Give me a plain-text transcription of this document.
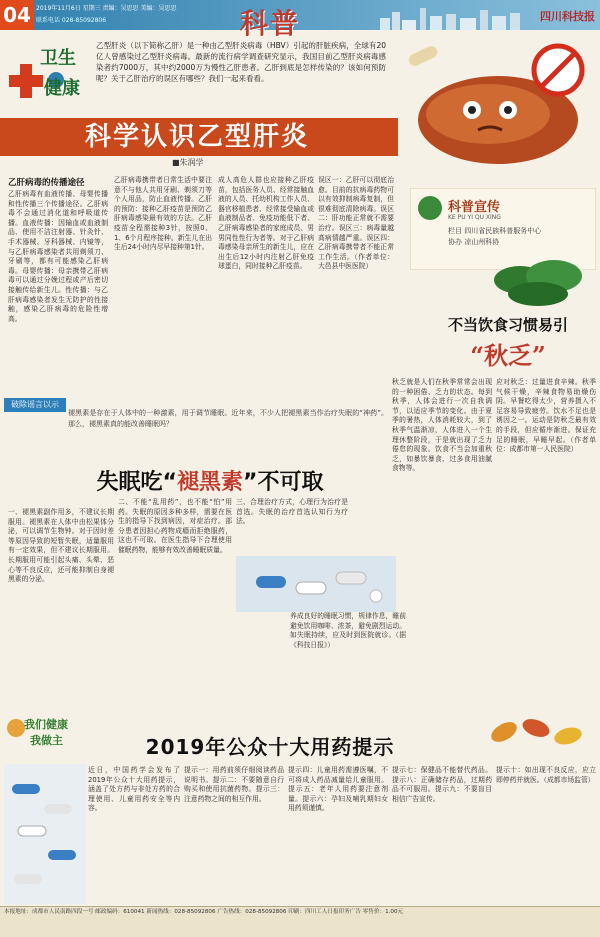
04 2019年11月6日 星期三 责编：吴思思 美编：吴思思
联系电话 028-85092806	科普	四川科技报
卫生
健康
乙型肝炎（以下简称乙肝）是一种由乙型肝炎病毒（HBV）引起的肝脏疾病，全球有20亿人曾感染过乙型肝炎病毒。最新的流行病学调查研究显示，我国目前乙型肝炎病毒感染者约7000万，其中约2000万为慢性乙肝患者。乙肝到底是怎样传染的？该如何预防呢？关于乙肝治疗的误区有哪些？我们一起来看看。
科学认识乙型肝炎
■朱润学
乙肝病毒的传播途径
乙肝病毒有血液传播、母婴传播和性传播三个传播途径。乙肝病毒不会通过消化道和呼吸道传播。血液传播：因输血或血液制品、使用不洁注射器、针灸针、手术器械、牙科器械、内镜等，与乙肝病毒感染者共用剃须刀、牙刷等，都有可能感染乙肝病毒。母婴传播：母亲携带乙肝病毒可以通过分娩过程或产后密切接触传给新生儿。性传播：与乙肝病毒感染者发生无防护的性接触，感染乙肝病毒的危险性增高。
乙肝病毒携带者日常生活中要注意不与他人共用牙刷、剃须刀等个人用品，防止血液传播。乙肝的预防：接种乙肝疫苗是预防乙肝病毒感染最有效的方法。乙肝疫苗全程需接种3针，按照0、1、6个月程序接种。新生儿在出生后24小时内尽早接种第1针。
成人高危人群也应接种乙肝疫苗，包括医务人员、经常接触血液的人员、托幼机构工作人员、器官移植患者、经常接受输血或血液制品者、免疫功能低下者、乙肝病毒感染者的家庭成员、男男同性性行为者等。对于乙肝病毒感染母亲所生的新生儿，应在出生后12小时内注射乙肝免疫球蛋白，同时接种乙肝疫苗。
误区一：乙肝可以彻底治愈。目前的抗病毒药物可以有效抑制病毒复制，但很难彻底清除病毒。误区二：肝功能正常就不需要治疗。误区三：病毒量越高病情越严重。误区四：乙肝病毒携带者不能正常工作生活。（作者单位：大邑县中医医院）
科普宣传
KE PU YI QU XING
栏目 四川省民族科普服务中心
协办 凉山州科协
不当饮食习惯易引
“秋乏”
破除谣言以示
褪黑素是存在于人体中的一种激素，用于调节睡眠。近年来，不少人把褪黑素当作治疗失眠的“神药”。那么，褪黑素真的能改善睡眠吗？
失眠吃“褪黑素”不可取
一、褪黑素副作用多，不建议长期服用。褪黑素在人体中由松果体分泌，可以调节生物钟。对于因时差等原因导致的短暂失眠，适量服用有一定效果，但不建议长期服用。长期服用可能引起头痛、头晕、恶心等不良反应，还可能抑制自身褪黑素的分泌。
二、不能“乱用药”，也不能“怕”用药。失眠的原因多种多样，需要在医生的指导下找到病因，对症治疗。部分患者因担心药物成瘾而拒绝服药，这也不可取。在医生指导下合理使用催眠药物，能够有效改善睡眠质量。
三、合理治疗方式，心理行为治疗是首选。失眠的治疗首选认知行为疗法。
养成良好的睡眠习惯，规律作息，睡前避免饮用咖啡、浓茶，避免剧烈运动。如失眠持续，应及时到医院就诊。（据《科技日报》）
秋乏就是人们在秋季常常会出现的一种困倦、乏力的状态。每到秋季，人体会进行一次自我调节，以适应季节的变化。由于夏季的暑热，人体消耗较大，到了秋季气温渐凉，人体进入一个生理休整阶段，于是就出现了乏力倦怠的现象。饮食不当会加重秋乏，如暴饮暴食、过多食用油腻食物等。
应对秋乏：过量进食辛辣。秋季气候干燥，辛辣食物易助燥伤阴。早餐吃得太少，营养摄入不足容易导致疲劳。饮水不足也是诱因之一。运动是防秋乏最有效的手段，但应循序渐进。保证充足的睡眠，早睡早起。（作者单位：成都市第一人民医院）
我们健康
我做主	2019年公众十大用药提示
近日，中国药学会发布了2019年公众十大用药提示，涵盖了处方药与非处方药的合理使用、儿童用药安全等内容。
提示一：用药前须仔细阅读药品说明书。提示二：不要随意自行购买和使用抗菌药物。提示三：注意药物之间的相互作用。
提示四：儿童用药需遵医嘱，不可将成人药品减量给儿童服用。提示五：老年人用药要注意剂量。提示六：孕妇及哺乳期妇女用药须谨慎。
提示七：保健品不能替代药品。提示八：正确储存药品，过期药品不可服用。提示九：不要盲目相信广告宣传。
提示十：如出现不良反应，应立即停药并就医。（成都市场监管）
本报地址：成都市人民南路四段一号 邮政编码：610041 新闻热线：028-85092806 广告热线：028-85092806 印刷：四川工人日报印务广告 零售价：1.00元
